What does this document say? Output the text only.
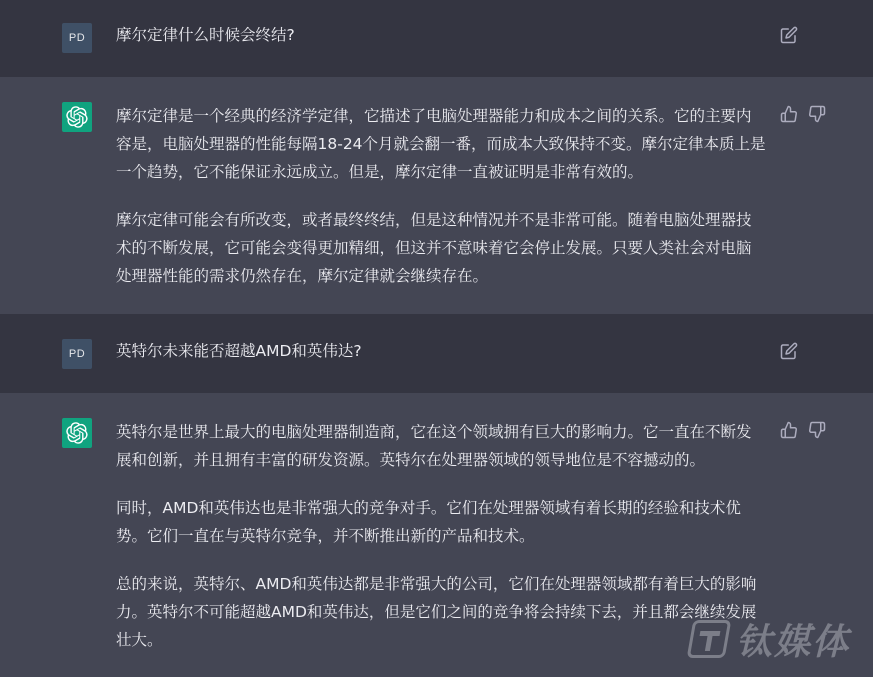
PD 摩尔定律什么时候会终结?

摩尔定律是一个经典的经济学定律，它描述了电脑处理器能力和成本之间的关系。它的主要内容是，电脑处理器的性能每隔18-24个月就会翻一番，而成本大致保持不变。摩尔定律本质上是一个趋势，它不能保证永远成立。但是，摩尔定律一直被证明是非常有效的。

摩尔定律可能会有所改变，或者最终终结，但是这种情况并不是非常可能。随着电脑处理器技术的不断发展，它可能会变得更加精细，但这并不意味着它会停止发展。只要人类社会对电脑处理器性能的需求仍然存在，摩尔定律就会继续存在。

PD 英特尔未来能否超越AMD和英伟达?

英特尔是世界上最大的电脑处理器制造商，它在这个领域拥有巨大的影响力。它一直在不断发展和创新，并且拥有丰富的研发资源。英特尔在处理器领域的领导地位是不容撼动的。

同时，AMD和英伟达也是非常强大的竞争对手。它们在处理器领域有着长期的经验和技术优势。它们一直在与英特尔竞争，并不断推出新的产品和技术。

总的来说，英特尔、AMD和英伟达都是非常强大的公司，它们在处理器领域都有着巨大的影响力。英特尔不可能超越AMD和英伟达，但是它们之间的竞争将会持续下去，并且都会继续发展壮大。	钛媒体
